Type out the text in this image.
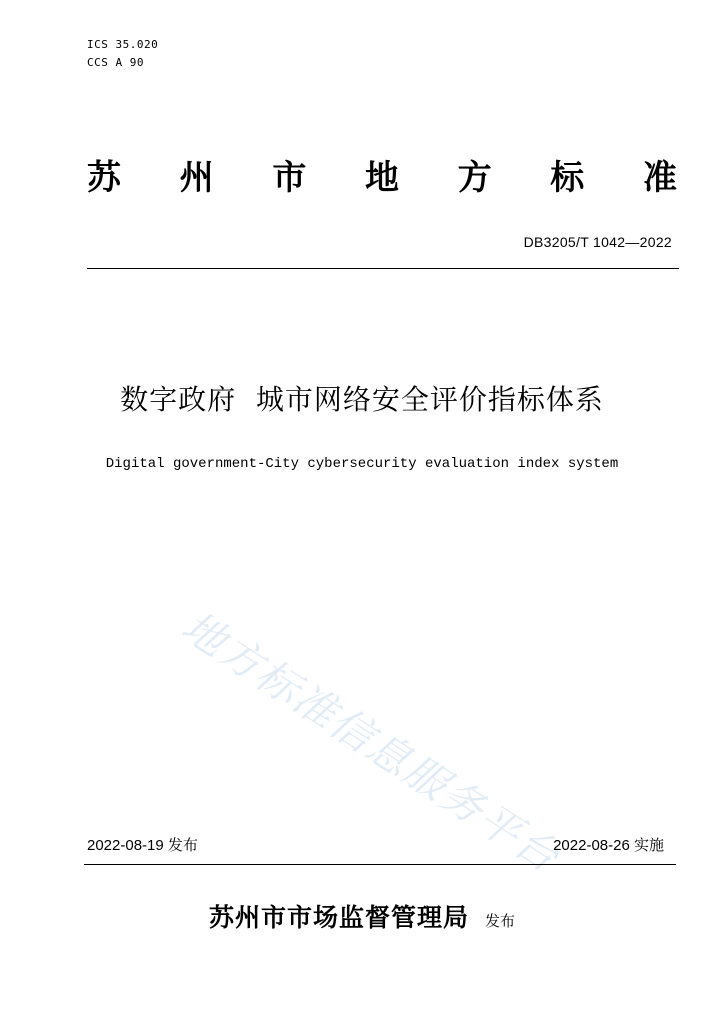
ICS 35.020
CCS A 90
苏 州 市 地 方 标 准
DB3205/T 1042—2022
数字政府  城市网络安全评价指标体系
Digital government-City cybersecurity evaluation index system
地方标准信息服务平台
2022-08-19 发布	2022-08-26 实施
苏州市市场监督管理局 发布
